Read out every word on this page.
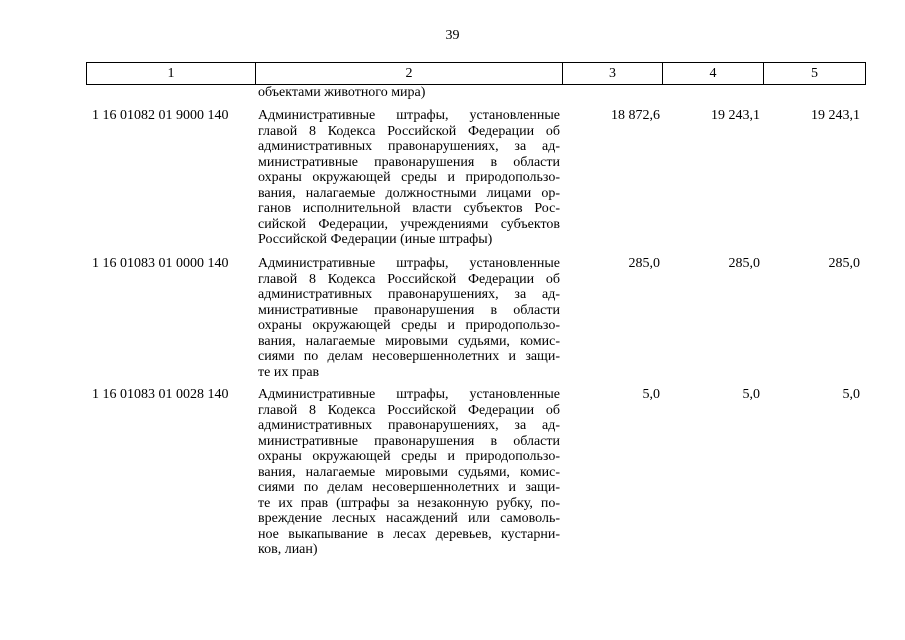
39
1	2	3	4	5
объектами животного мира)
1 16 01082 01 9000 140	Административные штрафы, установленные
главой 8 Кодекса Российской Федерации об
административных правонарушениях, за ад-
министративные правонарушения в области
охраны окружающей среды и природопользо-
вания, налагаемые должностными лицами ор-
ганов исполнительной власти субъектов Рос-
сийской Федерации, учреждениями субъектов
Российской Федерации (иные штрафы)
18 872,6	19 243,1	19 243,1
1 16 01083 01 0000 140	Административные штрафы, установленные
главой 8 Кодекса Российской Федерации об
административных правонарушениях, за ад-
министративные правонарушения в области
охраны окружающей среды и природопользо-
вания, налагаемые мировыми судьями, комис-
сиями по делам несовершеннолетних и защи-
те их прав
285,0	285,0	285,0
1 16 01083 01 0028 140	Административные штрафы, установленные
главой 8 Кодекса Российской Федерации об
административных правонарушениях, за ад-
министративные правонарушения в области
охраны окружающей среды и природопользо-
вания, налагаемые мировыми судьями, комис-
сиями по делам несовершеннолетних и защи-
те их прав (штрафы за незаконную рубку, по-
вреждение лесных насаждений или самоволь-
ное выкапывание в лесах деревьев, кустарни-
ков, лиан)
5,0	5,0	5,0
